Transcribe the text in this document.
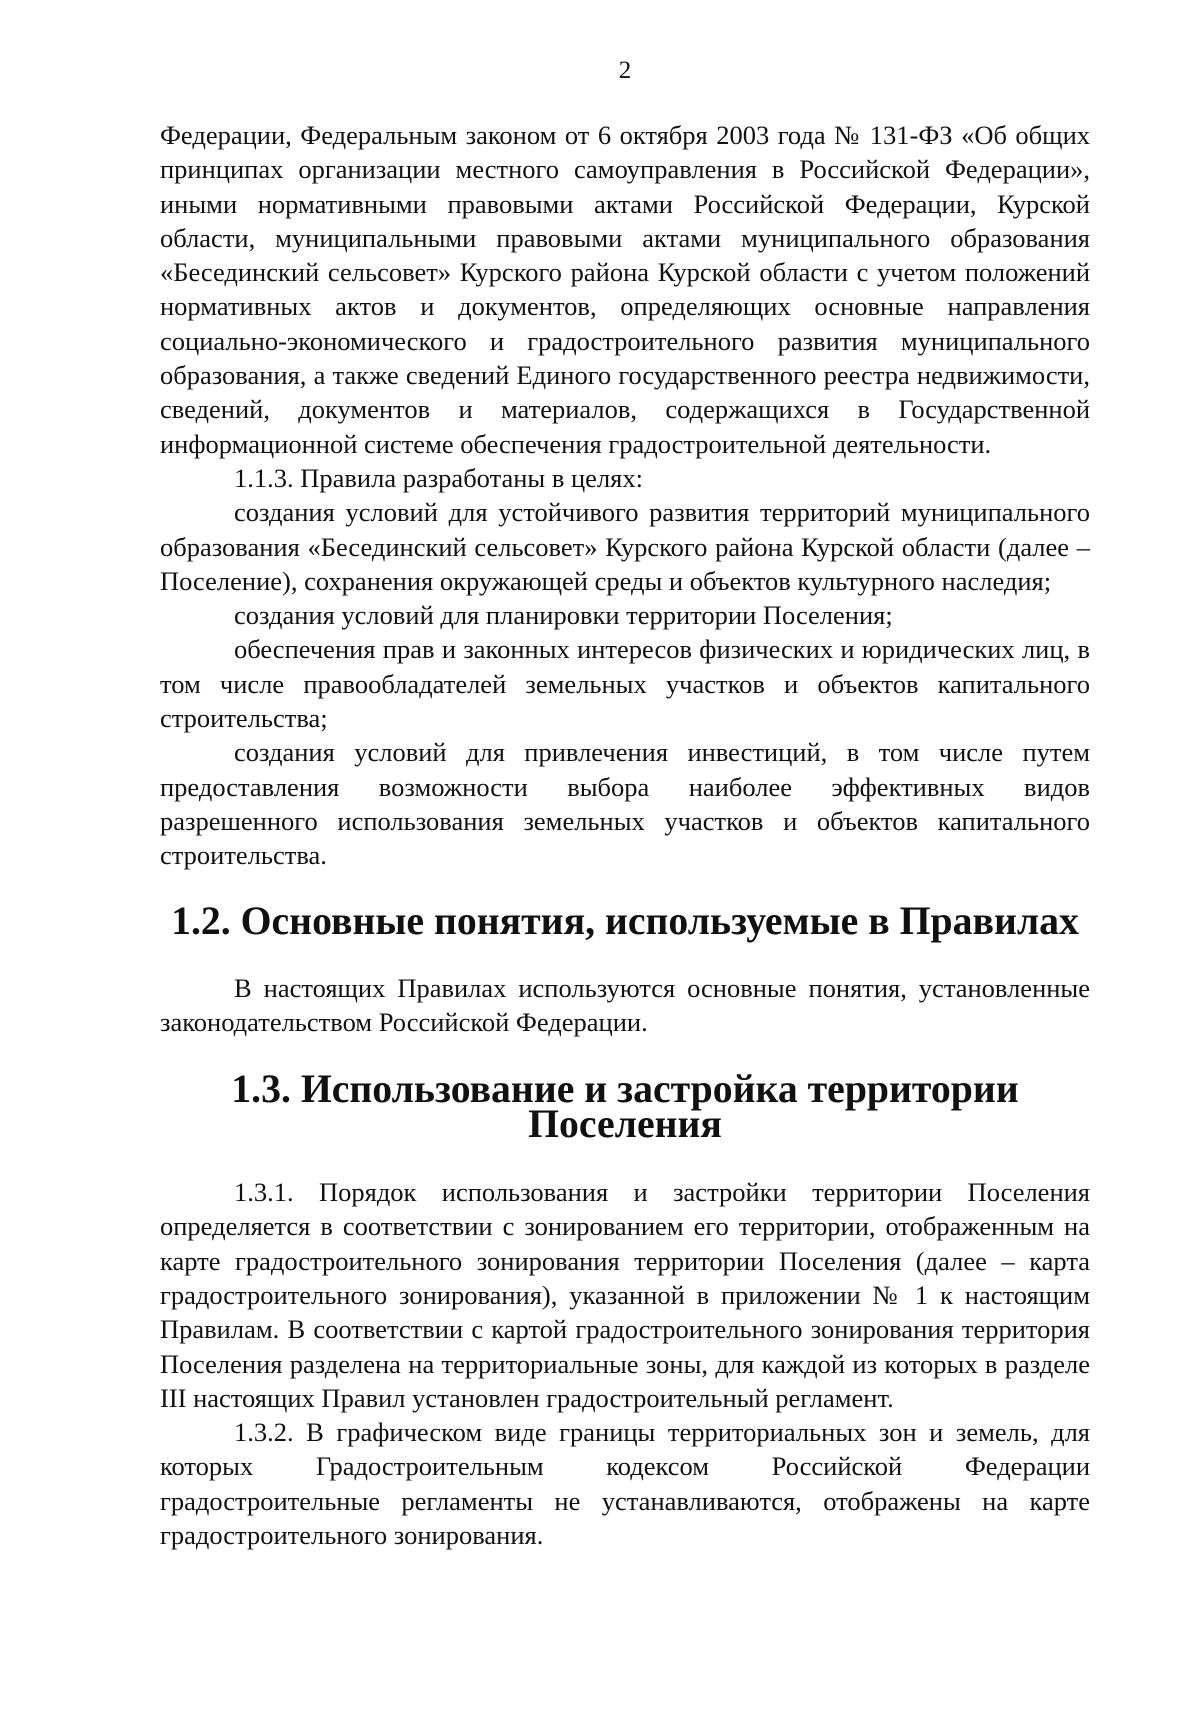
2

Федерации, Федеральным законом от 6 октября 2003 года № 131-ФЗ «Об общих принципах организации местного самоуправления в Российской Федерации», иными нормативными правовыми актами Российской Федерации, Курской области, муниципальными правовыми актами муниципального образования «Бесединский сельсовет» Курского района Курской области с учетом положений нормативных актов и документов, определяющих основные направления социально-экономического и градостроительного развития муниципального образования, а также сведений Единого государственного реестра недвижимости, сведений, документов и материалов, содержащихся в Государственной информационной системе обеспечения градостроительной деятельности.

1.1.3. Правила разработаны в целях:

создания условий для устойчивого развития территорий муниципального образования «Бесединский сельсовет» Курского района Курской области (далее – Поселение), сохранения окружающей среды и объектов культурного наследия;

создания условий для планировки территории Поселения;

обеспечения прав и законных интересов физических и юридических лиц, в том числе правообладателей земельных участков и объектов капитального строительства;

создания условий для привлечения инвестиций, в том числе путем предоставления возможности выбора наиболее эффективных видов разрешенного использования земельных участков и объектов капитального строительства.

1.2. Основные понятия, используемые в Правилах

В настоящих Правилах используются основные понятия, установленные законодательством Российской Федерации.

1.3. Использование и застройка территории Поселения

1.3.1. Порядок использования и застройки территории Поселения определяется в соответствии с зонированием его территории, отображенным на карте градостроительного зонирования территории Поселения (далее – карта градостроительного зонирования), указанной в приложении № 1 к настоящим Правилам. В соответствии с картой градостроительного зонирования территория Поселения разделена на территориальные зоны, для каждой из которых в разделе III настоящих Правил установлен градостроительный регламент.

1.3.2. В графическом виде границы территориальных зон и земель, для которых Градостроительным кодексом Российской Федерации градостроительные регламенты не устанавливаются, отображены на карте градостроительного зонирования.
